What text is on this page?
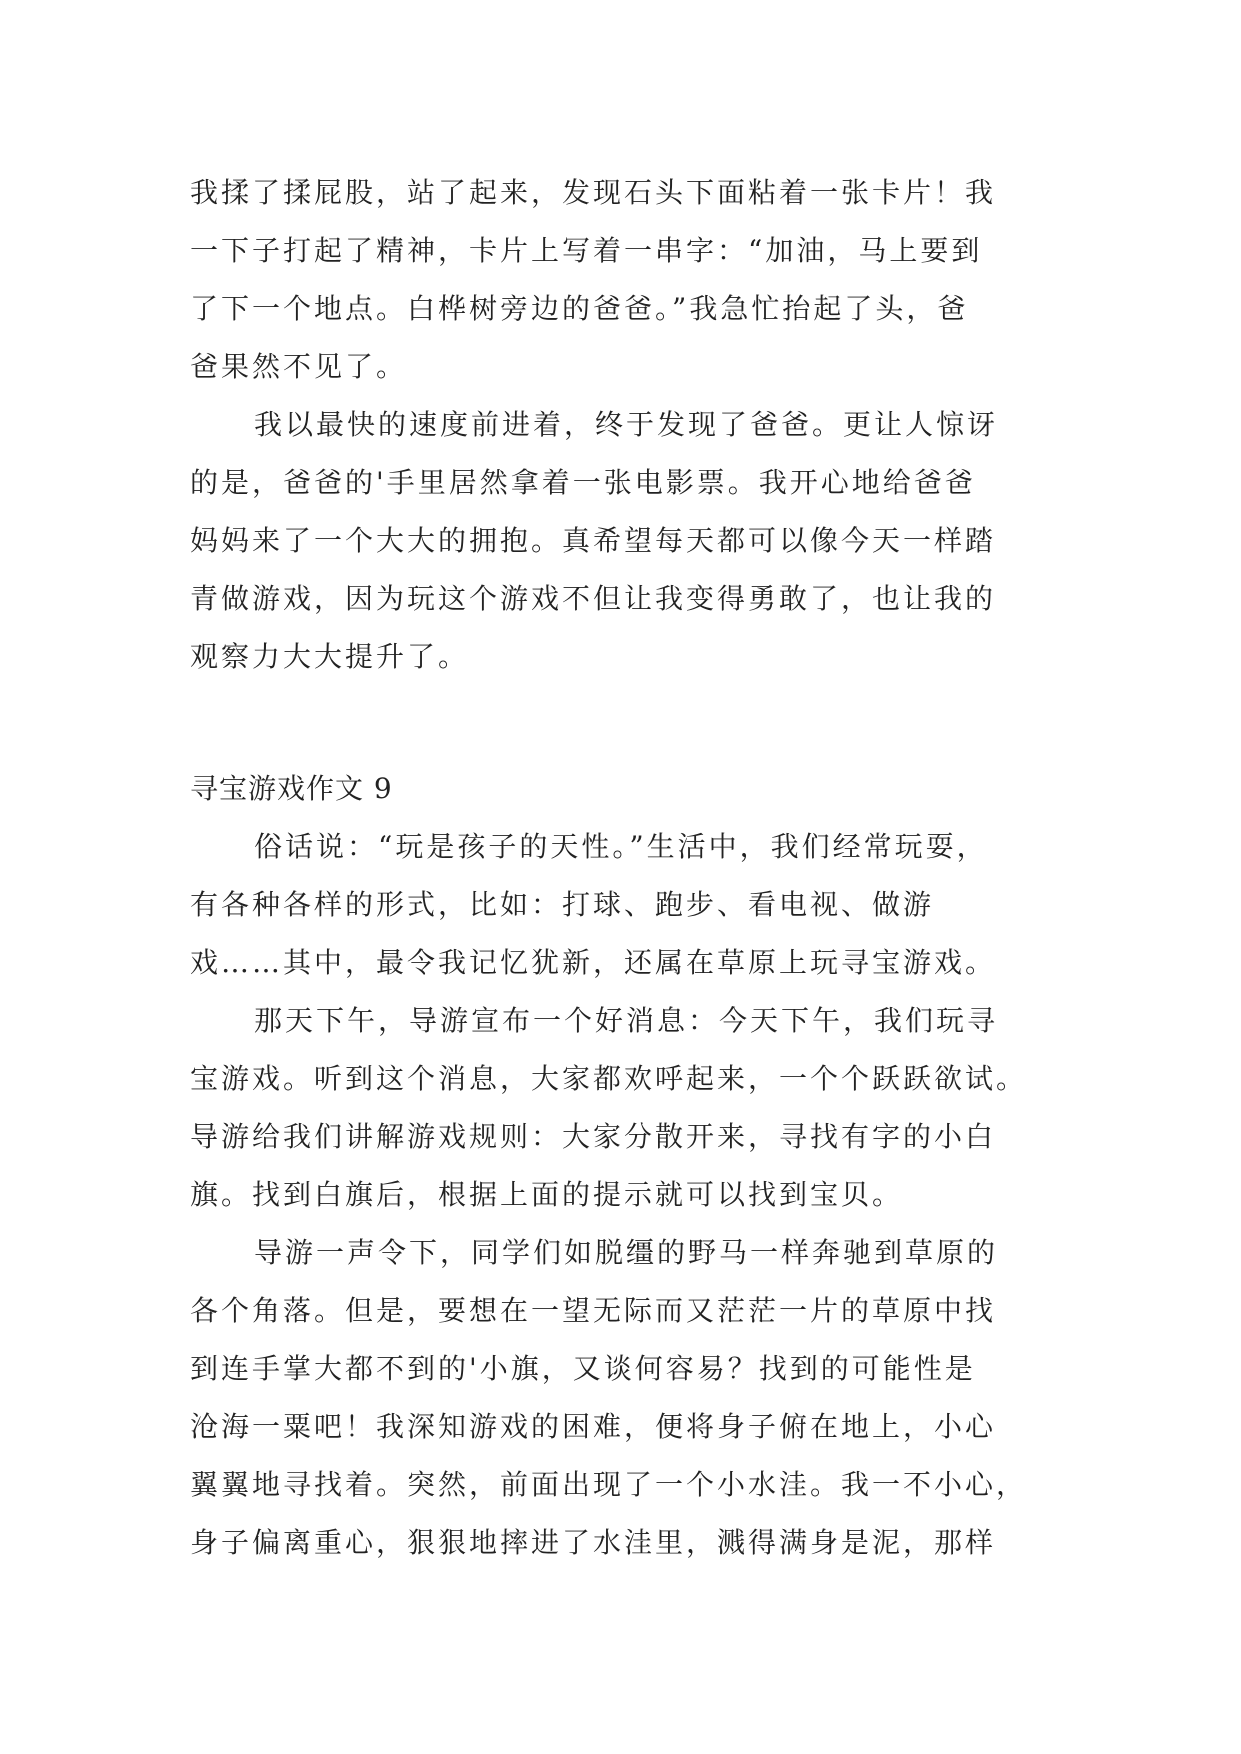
我揉了揉屁股，站了起来，发现石头下面粘着一张卡片！我
一下子打起了精神，卡片上写着一串字：“加油，马上要到
了下一个地点。白桦树旁边的爸爸。”我急忙抬起了头，爸
爸果然不见了。
我以最快的速度前进着，终于发现了爸爸。更让人惊讶
的是，爸爸的'手里居然拿着一张电影票。我开心地给爸爸
妈妈来了一个大大的拥抱。真希望每天都可以像今天一样踏
青做游戏，因为玩这个游戏不但让我变得勇敢了，也让我的
观察力大大提升了。
寻宝游戏作文 9
俗话说：“玩是孩子的天性。”生活中，我们经常玩耍，
有各种各样的形式，比如：打球、跑步、看电视、做游
戏……其中，最令我记忆犹新，还属在草原上玩寻宝游戏。
那天下午，导游宣布一个好消息：今天下午，我们玩寻
宝游戏。听到这个消息，大家都欢呼起来，一个个跃跃欲试。
导游给我们讲解游戏规则：大家分散开来，寻找有字的小白
旗。找到白旗后，根据上面的提示就可以找到宝贝。
导游一声令下，同学们如脱缰的野马一样奔驰到草原的
各个角落。但是，要想在一望无际而又茫茫一片的草原中找
到连手掌大都不到的'小旗，又谈何容易？找到的可能性是
沧海一粟吧！我深知游戏的困难，便将身子俯在地上，小心
翼翼地寻找着。突然，前面出现了一个小水洼。我一不小心，
身子偏离重心，狠狠地摔进了水洼里，溅得满身是泥，那样
